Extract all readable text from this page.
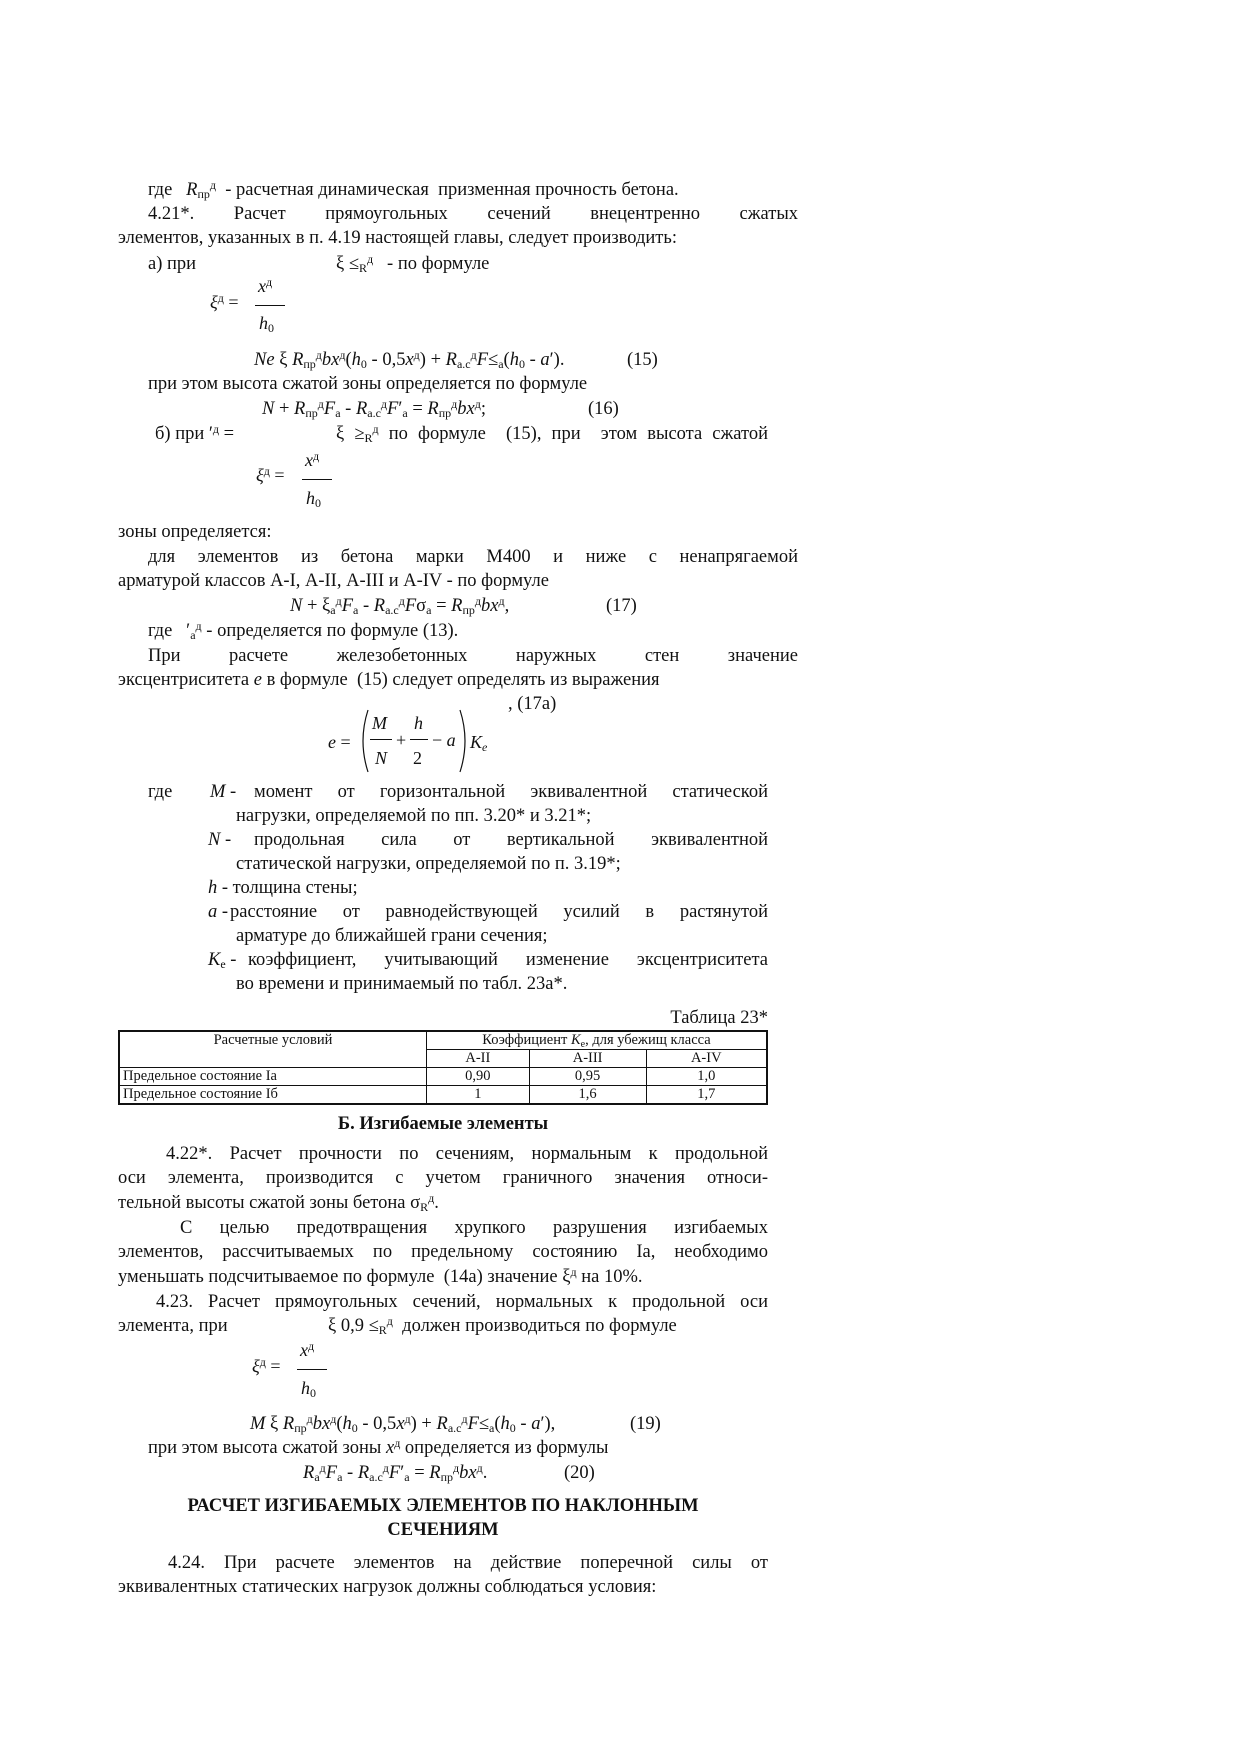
где   $R_{пр}^д$  - расчетная динамическая  призменная прочность бетона.
4.21*. Расчет прямоугольных сечений внецентренно сжатых
элементов, указанных в п. 4.19 настоящей главы, следует производить:
а) при	$\xi \le_R^д$   - по формуле
$\xi^д$ =
$x^д$
$h_0$
Ne ξ $R_{пр}^дbx^д(h_0 - 0,5x^д) + R_{а.с}^дF\le_а(h_0 - a')$.	(15)
при этом высота сжатой зоны определяется по формуле
$N + R_{пр}^дF_а - R_{а.с}^дF'_а = R_{пр}^дbx^д$;	(16)
б) при $'^д$ =	$\xi \ge_R^д$ по формуле  (15), при  этом высота сжатой
$\xi^д$ =
$x^д$
$h_0$
зоны определяется:
для элементов из бетона марки М400 и ниже с ненапрягаемой
арматурой классов А-I, А-II, А-III и А-IV - по формуле
$N + \xi_а^дF_а - R_{а.с}^дF\sigma_а = R_{пр}^дbx^д$,	(17)
где   $'_а^д$ - определяется по формуле (13).
При расчете железобетонных наружных стен значение
эксцентриситета e в формуле  (15) следует определять из выражения
, (17а)
e =
M
N
+
h
2
− a $K_e$
где M - момент от горизонтальной эквивалентной статической
нагрузки, определяемой по пп. 3.20* и 3.21*;
N - продольная сила от вертикальной эквивалентной
статической нагрузки, определяемой по п. 3.19*;
h - толщина стены;
a - расстояние от равнодействующей усилий в растянутой
арматуре до ближайшей грани сечения;
$K_e$ - коэффициент, учитывающий изменение эксцентриситета
во времени и принимаемый по табл. 23а*.
Таблица 23*
Расчетные условий	Коэффициент $K_е$, для убежищ класса		
	А-II	А-III	А-IV
Предельное состояние Iа	0,90	0,95	1,0
Предельное состояние Iб	1	1,6	1,7
Б. Изгибаемые элементы
4.22*. Расчет прочности по сечениям, нормальным к продольной
оси элемента, производится с учетом граничного значения относи-
тельной высоты сжатой зоны бетона $\sigma_R^д$.
С целью предотвращения хрупкого разрушения изгибаемых
элементов, рассчитываемых по предельному состоянию Iа, необходимо
уменьшать подсчитываемое по формуле  (14а) значение $\xi^д$ на 10%.
4.23. Расчет прямоугольных сечений, нормальных к продольной оси
элемента, при	ξ $0,9 \le_R^д$  должен производиться по формуле
$\xi^д$ =
$x^д$
$h_0$
M ξ $R_{пр}^дbx^д(h_0 - 0,5x^д) + R_{а.с}^дF\le_а(h_0 - a')$,	(19)
при этом высота сжатой зоны $x^д$ определяется из формулы
$R_а^дF_а - R_{а.с}^дF'_а = R_{пр}^дbx^д$.	(20)
РАСЧЕТ ИЗГИБАЕМЫХ ЭЛЕМЕНТОВ ПО НАКЛОННЫМ
СЕЧЕНИЯМ
4.24. При расчете элементов на действие поперечной силы от
эквивалентных статических нагрузок должны соблюдаться условия:
